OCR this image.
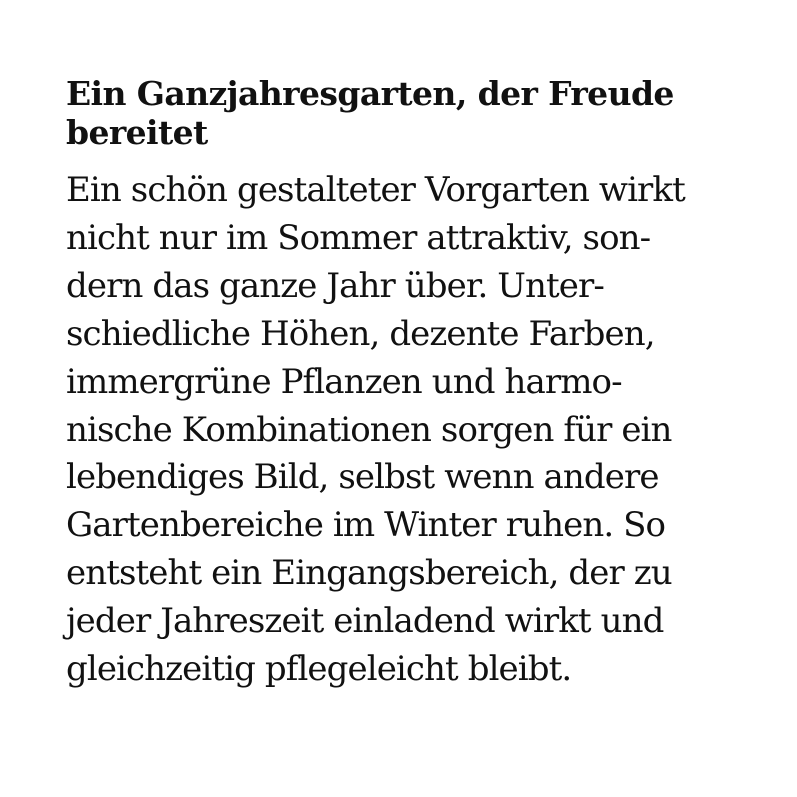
Ein Ganzjahresgarten, der Freude
bereitet
Ein schön gestalteter Vorgarten wirkt
nicht nur im Sommer attraktiv, son-
dern das ganze Jahr über. Unter-
schiedliche Höhen, dezente Farben,
immergrüne Pflanzen und harmo-
nische Kombinationen sorgen für ein
lebendiges Bild, selbst wenn andere
Gartenbereiche im Winter ruhen. So
entsteht ein Eingangsbereich, der zu
jeder Jahreszeit einladend wirkt und
gleichzeitig pflegeleicht bleibt.
